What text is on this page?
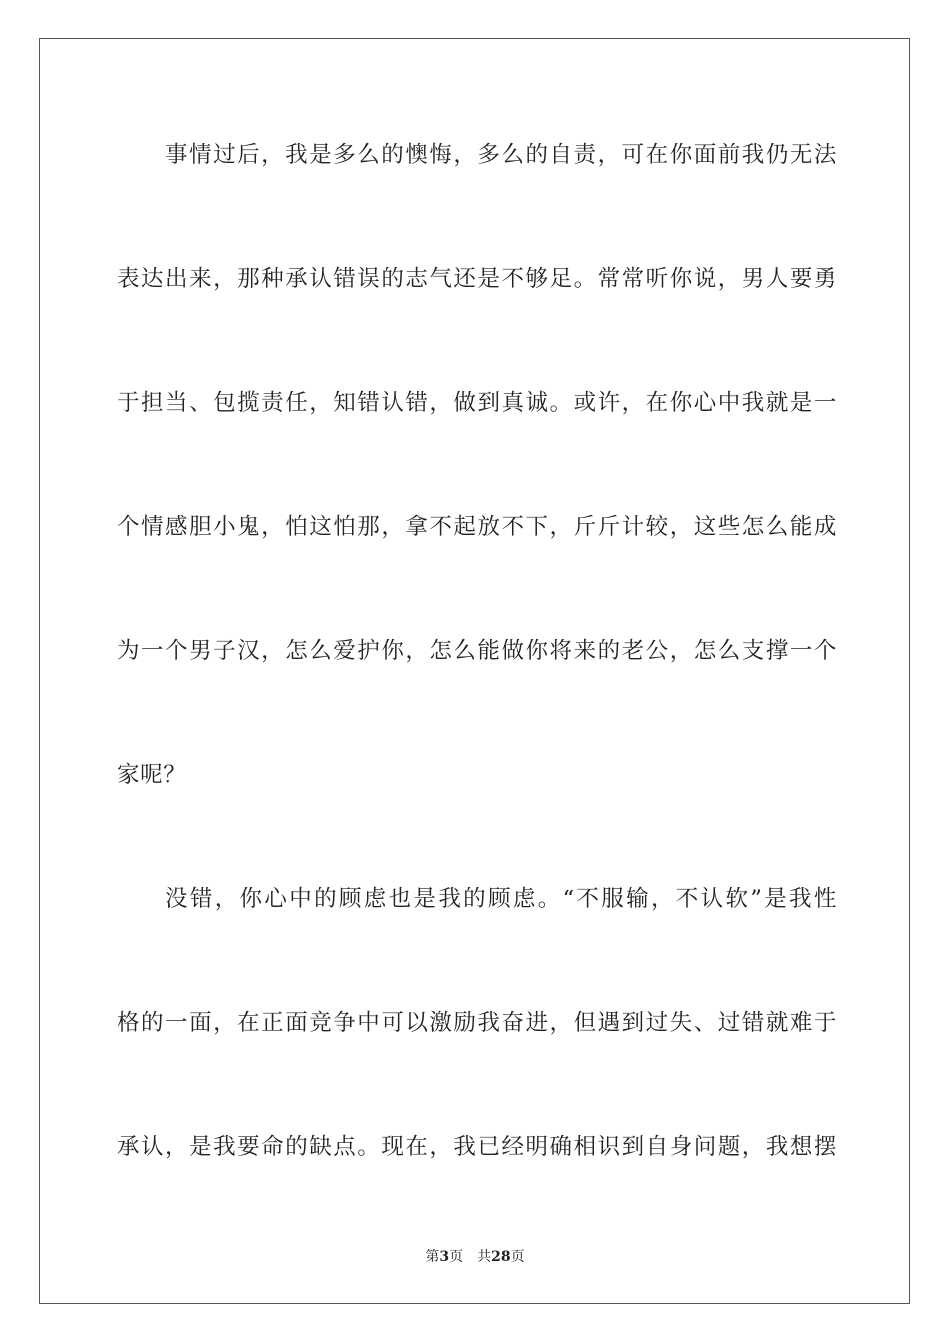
事情过后，我是多么的懊悔，多么的自责，可在你面前我仍无法
表达出来，那种承认错误的志气还是不够足。常常听你说，男人要勇
于担当、包揽责任，知错认错，做到真诚。或许，在你心中我就是一
个情感胆小鬼，怕这怕那，拿不起放不下，斤斤计较，这些怎么能成
为一个男子汉，怎么爱护你，怎么能做你将来的老公，怎么支撑一个
家呢？
没错，你心中的顾虑也是我的顾虑。“不服输，不认软”是我性
格的一面，在正面竞争中可以激励我奋进，但遇到过失、过错就难于
承认，是我要命的缺点。现在，我已经明确相识到自身问题，我想摆
第3页 共28页
